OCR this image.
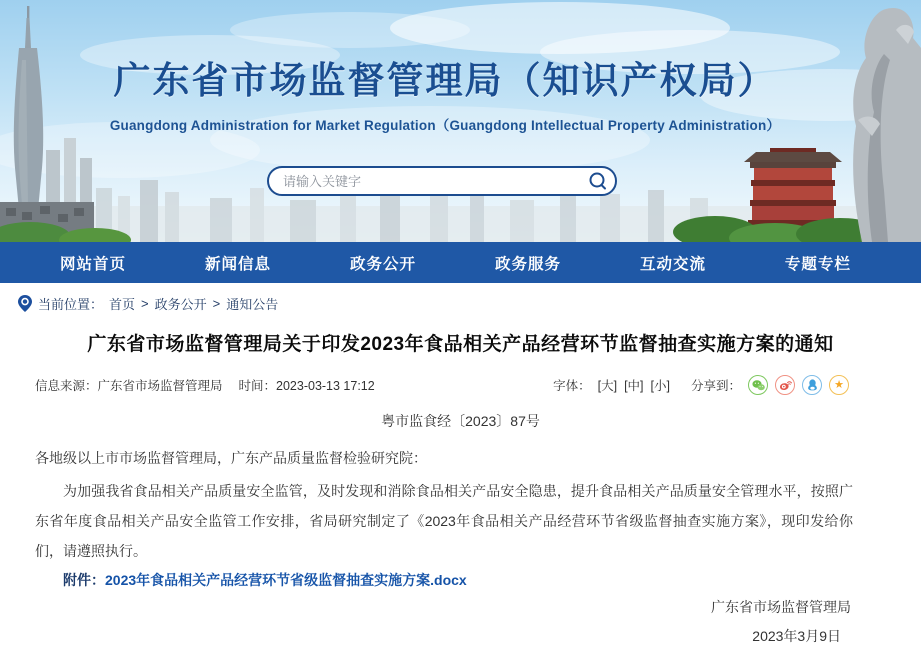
广东省市场监督管理局（知识产权局）
Guangdong Administration for Market Regulation（Guangdong Intellectual Property Administration）
请输入关键字
网站首页	新闻信息	政务公开	政务服务	互动交流	专题专栏
当前位置： 首页 > 政务公开 > 通知公告
广东省市场监督管理局关于印发2023年食品相关产品经营环节监督抽查实施方案的通知
信息来源：广东省市场监督管理局 时间：2023-03-13 17:12	字体： [大] [中] [小] 分享到：	★
粤市监食经〔2023〕87号

各地级以上市市场监督管理局，广东产品质量监督检验研究院：

为加强我省食品相关产品质量安全监管，及时发现和消除食品相关产品安全隐患，提升食品相关产品质量安全管理水平，按照广东省年度食品相关产品安全监管工作安排，省局研究制定了《2023年食品相关产品经营环节省级监督抽查实施方案》，现印发给你们，请遵照执行。

附件：2023年食品相关产品经营环节省级监督抽查实施方案.docx

广东省市场监督管理局
2023年3月9日
